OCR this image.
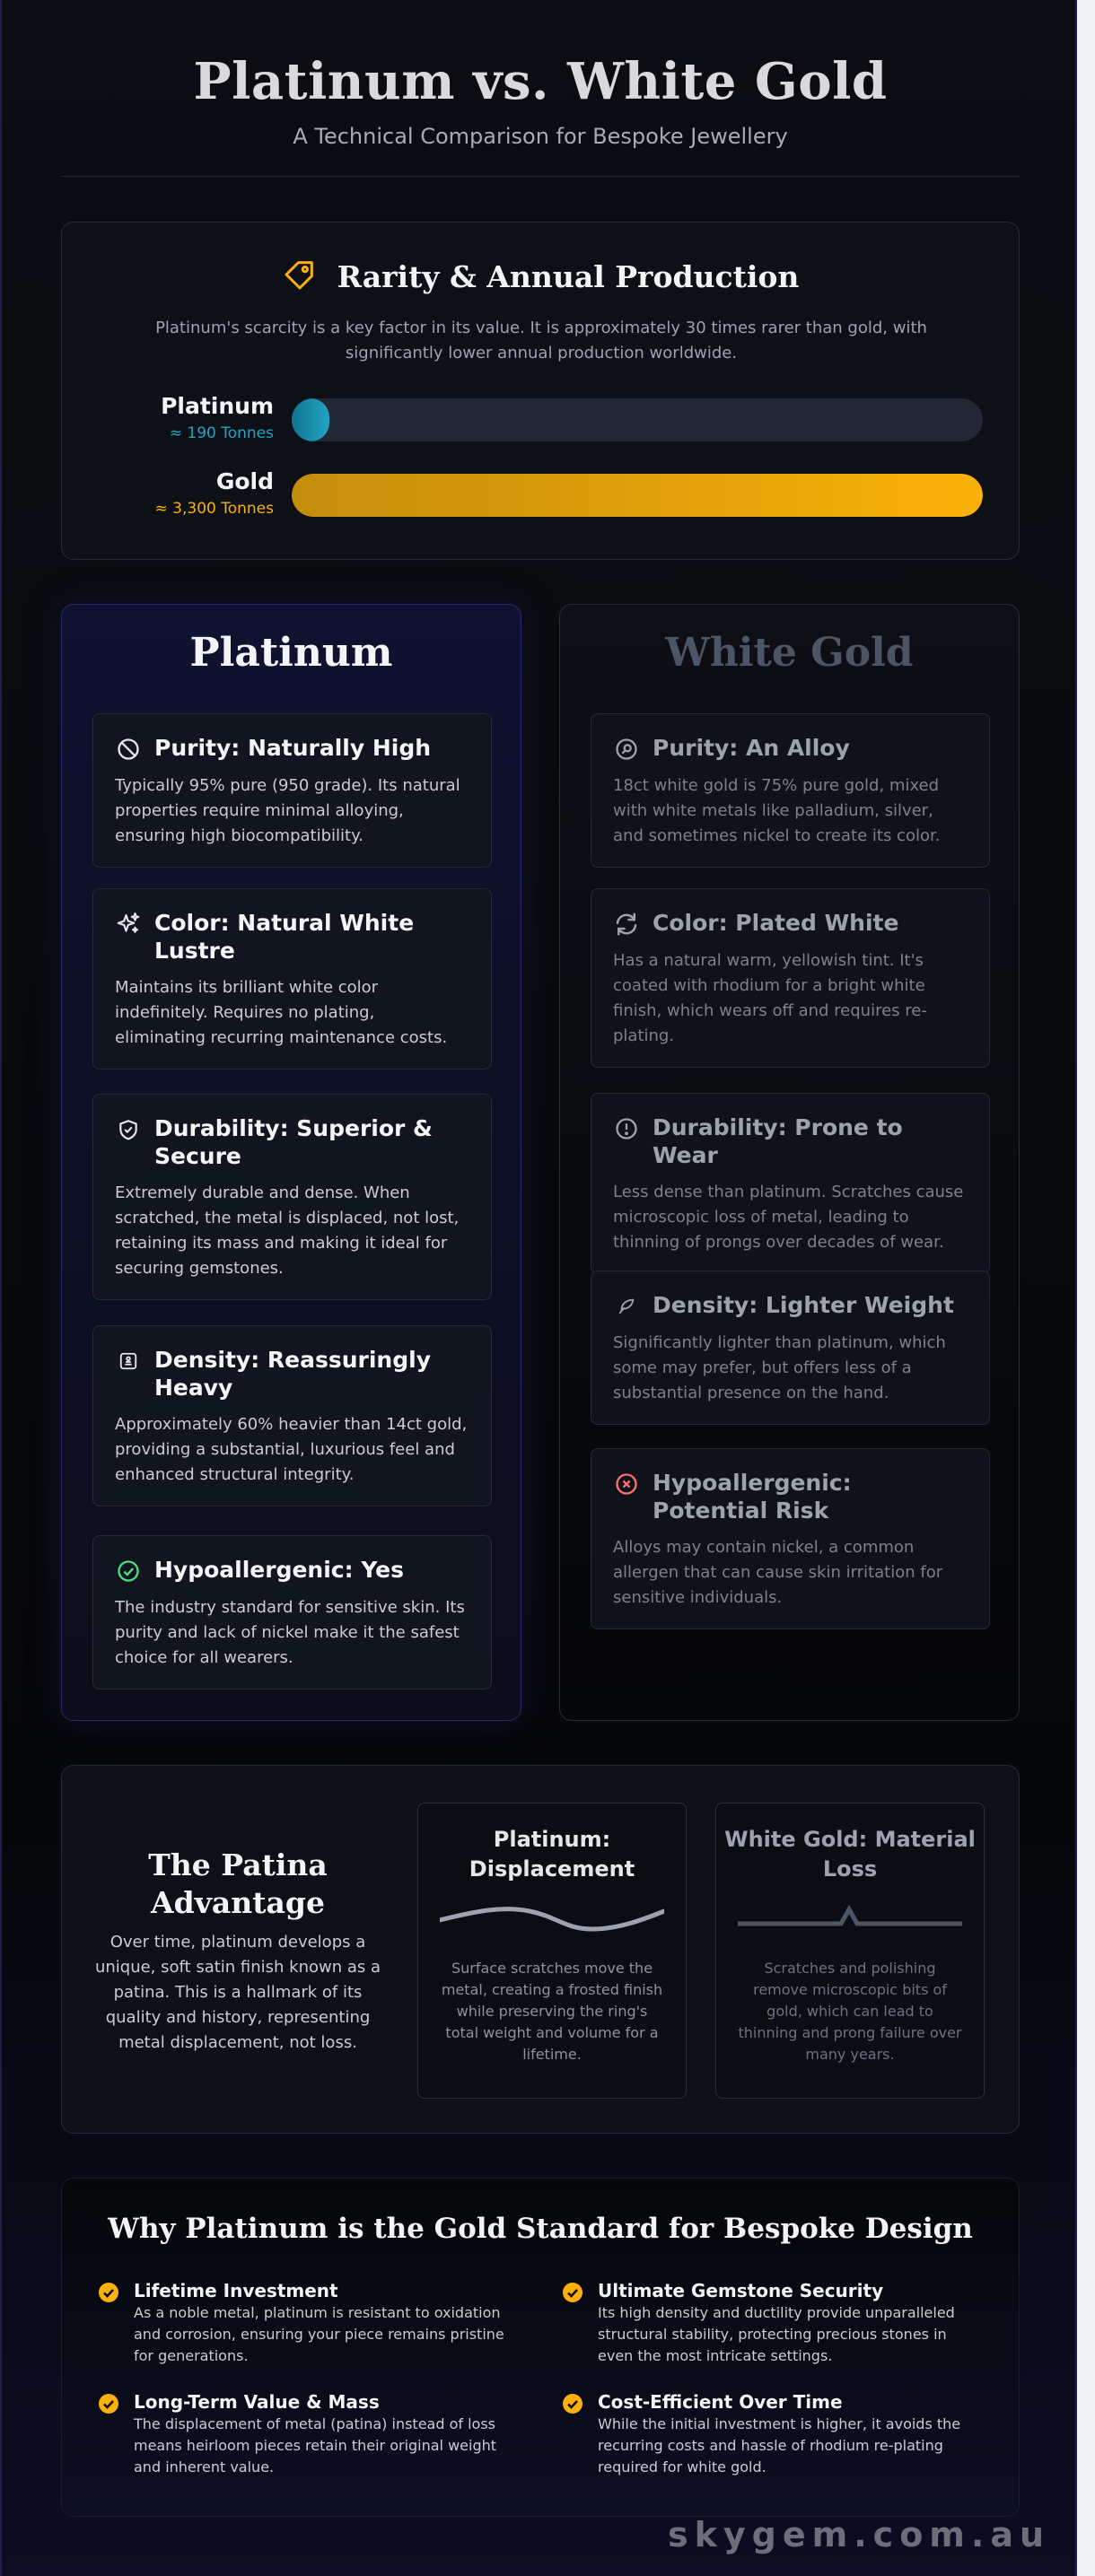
Platinum vs. White Gold
A Technical Comparison for Bespoke Jewellery
Rarity & Annual Production
Platinum's scarcity is a key factor in its value. It is approximately 30 times rarer than gold, with significantly lower annual production worldwide.
Platinum
≈ 190 Tonnes
Gold
≈ 3,300 Tonnes
Platinum
Purity: Naturally High
Typically 95% pure (950 grade). Its natural properties require minimal alloying, ensuring high biocompatibility.
Color: Natural White Lustre
Maintains its brilliant white color indefinitely. Requires no plating, eliminating recurring maintenance costs.
Durability: Superior & Secure
Extremely durable and dense. When scratched, the metal is displaced, not lost, retaining its mass and making it ideal for securing gemstones.
Density: Reassuringly Heavy
Approximately 60% heavier than 14ct gold, providing a substantial, luxurious feel and enhanced structural integrity.
Hypoallergenic: Yes
The industry standard for sensitive skin. Its purity and lack of nickel make it the safest choice for all wearers.
White Gold
Purity: An Alloy
18ct white gold is 75% pure gold, mixed with white metals like palladium, silver, and sometimes nickel to create its color.
Color: Plated White
Has a natural warm, yellowish tint. It's coated with rhodium for a bright white finish, which wears off and requires re-plating.
Durability: Prone to Wear
Less dense than platinum. Scratches cause microscopic loss of metal, leading to thinning of prongs over decades of wear.
Density: Lighter Weight
Significantly lighter than platinum, which some may prefer, but offers less of a substantial presence on the hand.
Hypoallergenic: Potential Risk
Alloys may contain nickel, a common allergen that can cause skin irritation for sensitive individuals.
The Patina Advantage
Over time, platinum develops a unique, soft satin finish known as a patina. This is a hallmark of its quality and history, representing metal displacement, not loss.
Platinum: Displacement
Surface scratches move the metal, creating a frosted finish while preserving the ring's total weight and volume for a lifetime.
White Gold: Material Loss
Scratches and polishing remove microscopic bits of gold, which can lead to thinning and prong failure over many years.
Why Platinum is the Gold Standard for Bespoke Design
Lifetime Investment
As a noble metal, platinum is resistant to oxidation and corrosion, ensuring your piece remains pristine for generations.
Ultimate Gemstone Security
Its high density and ductility provide unparalleled structural stability, protecting precious stones in even the most intricate settings.
Long-Term Value & Mass
The displacement of metal (patina) instead of loss means heirloom pieces retain their original weight and inherent value.
Cost-Efficient Over Time
While the initial investment is higher, it avoids the recurring costs and hassle of rhodium re-plating required for white gold.
skygem.com.au
